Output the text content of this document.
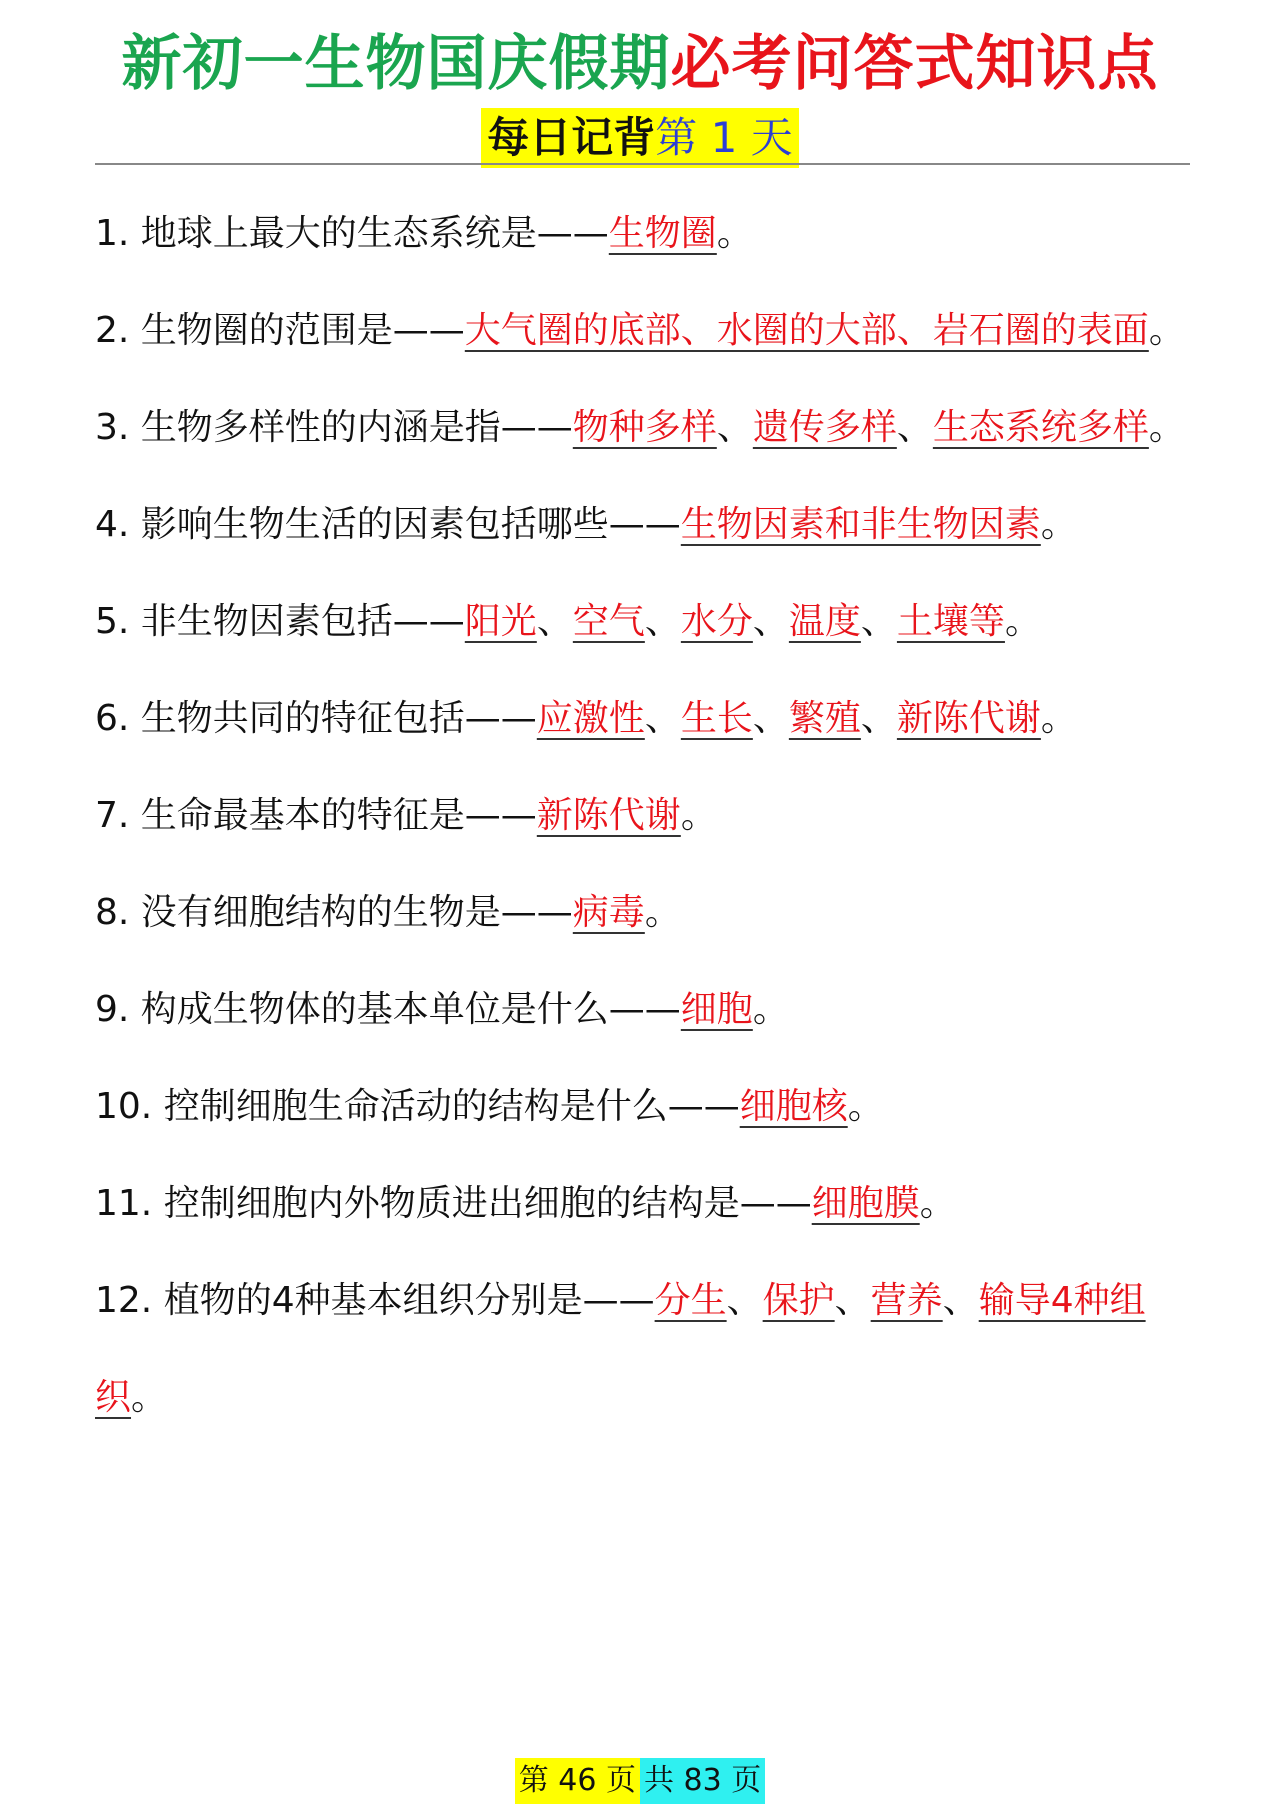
新初一生物国庆假期必考问答式知识点
每日记背第 1 天

1. 地球上最大的生态系统是——生物圈。

2. 生物圈的范围是——大气圈的底部、水圈的大部、岩石圈的表面。

3. 生物多样性的内涵是指——物种多样、遗传多样、生态系统多样。

4. 影响生物生活的因素包括哪些——生物因素和非生物因素。

5. 非生物因素包括——阳光、空气、水分、温度、土壤等。

6. 生物共同的特征包括——应激性、生长、繁殖、新陈代谢。

7. 生命最基本的特征是——新陈代谢。

8. 没有细胞结构的生物是——病毒。

9. 构成生物体的基本单位是什么——细胞。

10. 控制细胞生命活动的结构是什么——细胞核。

11. 控制细胞内外物质进出细胞的结构是——细胞膜。

12. 植物的4种基本组织分别是——分生、保护、营养、输导4种组织。

第 46 页 共 83 页
